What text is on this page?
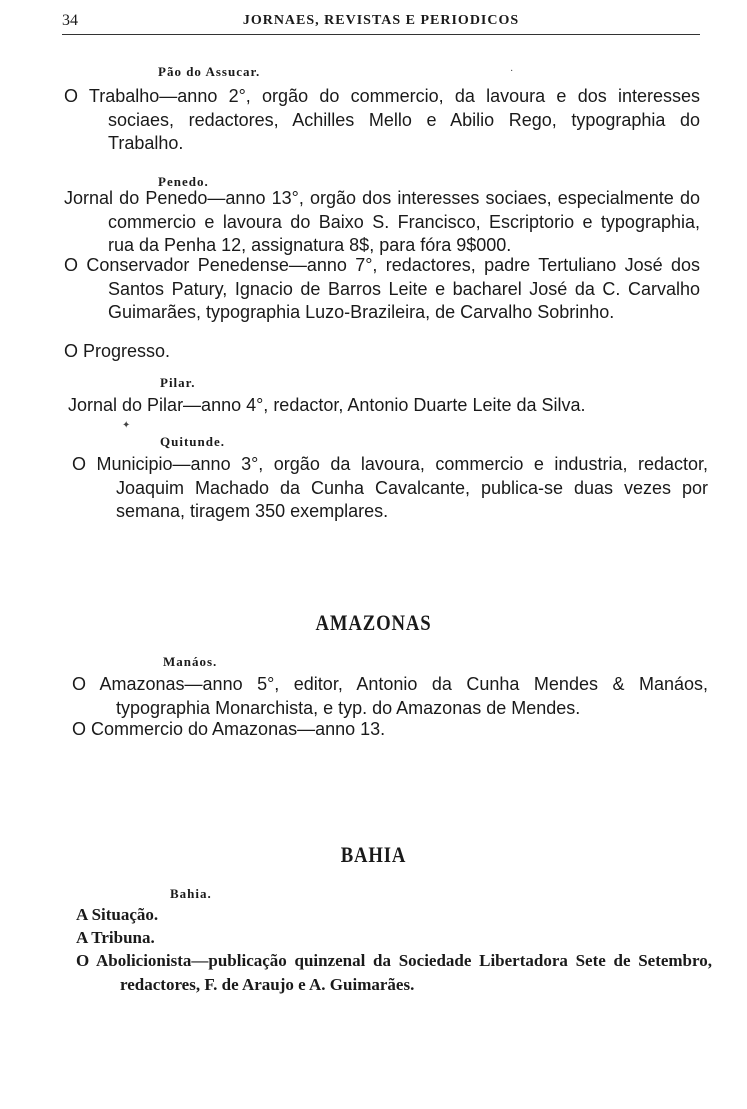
34	JORNAES, REVISTAS E PERIODICOS
Pão do Assucar.
O Trabalho—anno 2°, orgão do commercio, da lavoura e dos interesses sociaes, redactores, Achilles Mello e Abilio Rego, typographia do Trabalho.
Penedo.
Jornal do Penedo—anno 13°, orgão dos interesses sociaes, especialmente do commercio e lavoura do Baixo S. Francisco, Escriptorio e typographia, rua da Penha 12, assignatura 8$, para fóra 9$000.
O Conservador Penedense—anno 7°, redactores, padre Tertuliano José dos Santos Patury, Ignacio de Barros Leite e bacharel José da C. Carvalho Guimarães, typographia Luzo-Brazileira, de Carvalho Sobrinho.
O Progresso.
Pilar.
Jornal do Pilar—anno 4°, redactor, Antonio Duarte Leite da Silva.
Quitunde.
O Municipio—anno 3°, orgão da lavoura, commercio e industria, redactor, Joaquim Machado da Cunha Cavalcante, publica-se duas vezes por semana, tiragem 350 exemplares.
AMAZONAS
Manáos.
O Amazonas—anno 5°, editor, Antonio da Cunha Mendes & Manáos, typographia Monarchista, e typ. do Amazonas de Mendes.
O Commercio do Amazonas—anno 13.
BAHIA
Bahia.
A Situação.
A Tribuna.
O Abolicionista—publicação quinzenal da Sociedade Libertadora Sete de Setembro, redactores, F. de Araujo e A. Guimarães.
✦
·
